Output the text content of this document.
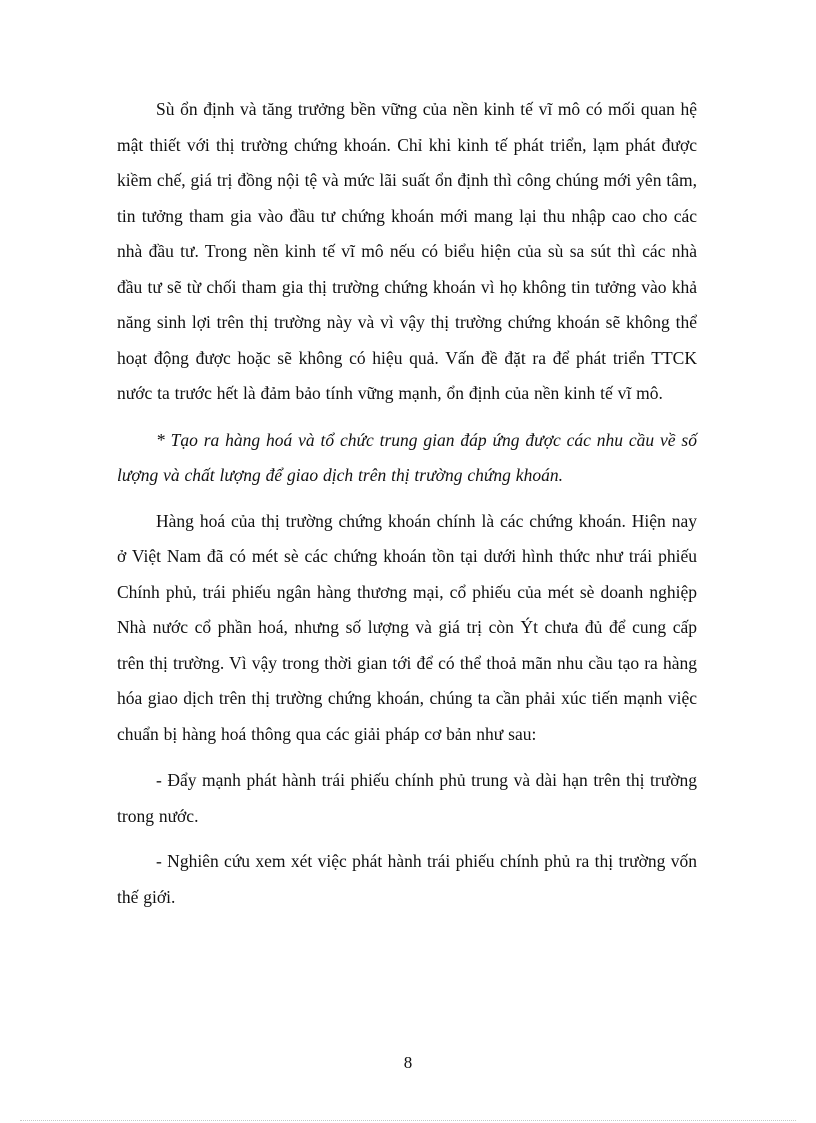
Sù ổn định và tăng trưởng bền vững của nền kinh tế vĩ mô có mối quan hệ mật thiết với thị trường chứng khoán. Chỉ khi kinh tế phát triển, lạm phát được kiềm chế, giá trị đồng nội tệ và mức lãi suất ổn định thì công chúng mới yên tâm, tin tưởng tham gia vào đầu tư chứng khoán mới mang lại thu nhập cao cho các nhà đầu tư. Trong nền kinh tế vĩ mô nếu có biểu hiện của sù sa sút thì các nhà đầu tư sẽ từ chối tham gia thị trường chứng khoán vì họ không tin tưởng vào khả năng sinh lợi trên thị trường này và vì vậy thị trường chứng khoán sẽ không thể hoạt động được hoặc sẽ không có hiệu quả. Vấn đề đặt ra để phát triển TTCK nước ta trước hết là đảm bảo tính vững mạnh, ổn định của nền kinh tế vĩ mô.

* Tạo ra hàng hoá và tổ chức trung gian đáp ứng được các nhu cầu về số lượng và chất lượng để giao dịch trên thị trường chứng khoán.

Hàng hoá của thị trường chứng khoán chính là các chứng khoán. Hiện nay ở Việt Nam đã có mét sè các chứng khoán tồn tại dưới hình thức như trái phiếu Chính phủ, trái phiếu ngân hàng thương mại, cổ phiếu của mét sè doanh nghiệp Nhà nước cổ phần hoá, nhưng số lượng và giá trị còn Ýt chưa đủ để cung cấp trên thị trường. Vì vậy trong thời gian tới để có thể thoả mãn nhu cầu tạo ra hàng hóa giao dịch trên thị trường chứng khoán, chúng ta cần phải xúc tiến mạnh việc chuẩn bị hàng hoá thông qua các giải pháp cơ bản như sau:

- Đẩy mạnh phát hành trái phiếu chính phủ trung và dài hạn trên thị trường trong nước.

- Nghiên cứu xem xét việc phát hành trái phiếu chính phủ ra thị trường vốn thế giới.

8
